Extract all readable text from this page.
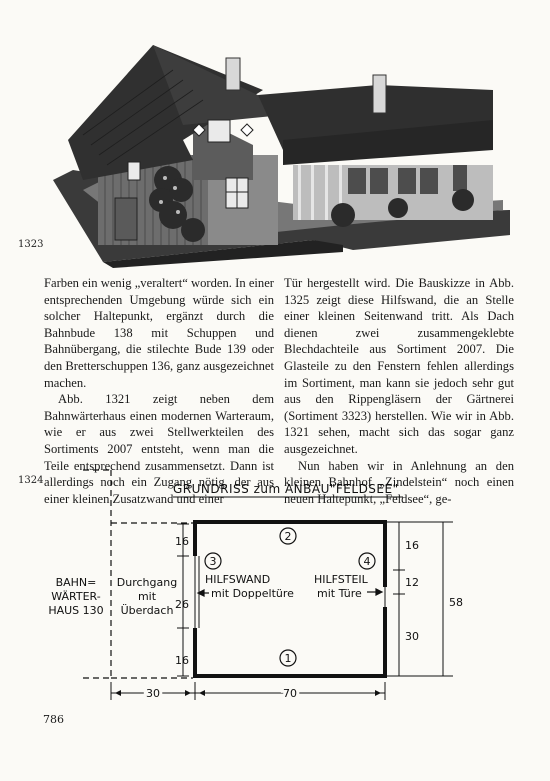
1323

Farben ein wenig „veraltert“ worden. In einer entsprechenden Umgebung würde sich ein solcher Haltepunkt, ergänzt durch die Bahnbude 138 mit Schuppen und Bahnübergang, die stilechte Bude 139 oder den Bretterschuppen 136, ganz ausgezeichnet machen.

Abb. 1321 zeigt neben dem Bahnwärterhaus einen modernen Warteraum, wie er aus zwei Stellwerkteilen des Sortiments 2007 entsteht, wenn man die Teile entsprechend zusammensetzt. Dann ist allerdings noch ein Zugang nötig, der aus einer kleinen Zusatzwand und einer

Tür hergestellt wird. Die Bauskizze in Abb. 1325 zeigt diese Hilfswand, die an Stelle einer kleinen Seitenwand tritt. Als Dach dienen zwei zusammengeklebte Blechdachteile aus Sortiment 2007. Die Glasteile zu den Fenstern fehlen allerdings im Sortiment, man kann sie jedoch sehr gut aus den Rippengläsern der Gärtnerei (Sortiment 3323) herstellen. Wie wir in Abb. 1321 sehen, macht sich das sogar ganz ausgezeichnet.

Nun haben wir in Anlehnung an den kleinen Bahnhof „Zindelstein“ noch einen neuen Haltepunkt, „Feldsee“, ge-

1324
GRUNDRISS zum ANBAU"FELDSEE"
2
1
3	4
HILFSWAND
mit Doppeltüre
HILFSTEIL
mit Türe
BAHN=
WÄRTER-
HAUS 130
Durchgang
mit
Überdach
16
26
16
16
12
30
58
30	70
786
